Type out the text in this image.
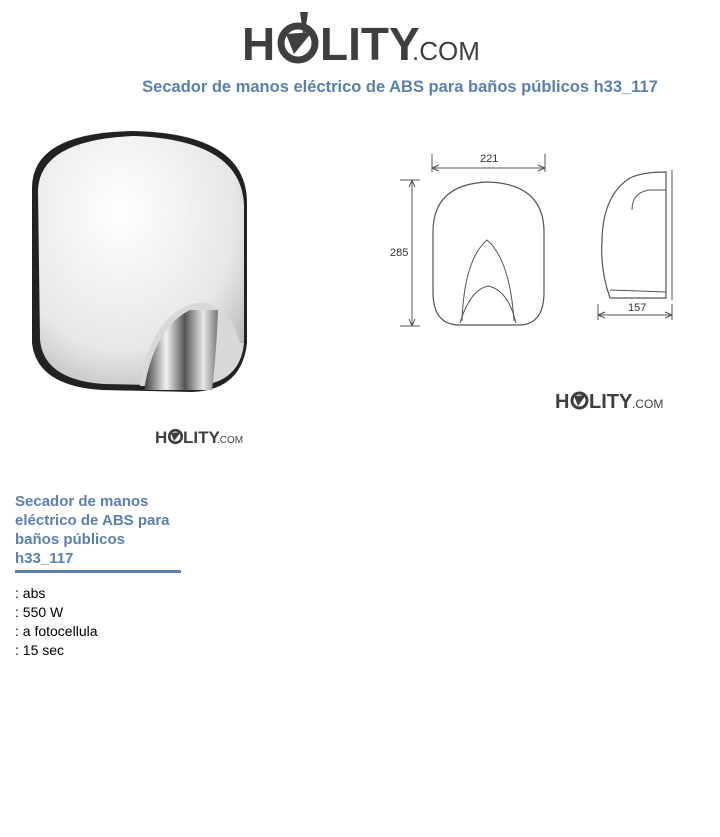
H LITY
.COM
Secador de manos eléctrico de ABS para baños públicos h33_117
H LITY
.COM
221
285
157
H LITY .COM
Secador de manos eléctrico de ABS para baños públicos h33_117
: abs
: 550 W
: a fotocellula
: 15 sec
